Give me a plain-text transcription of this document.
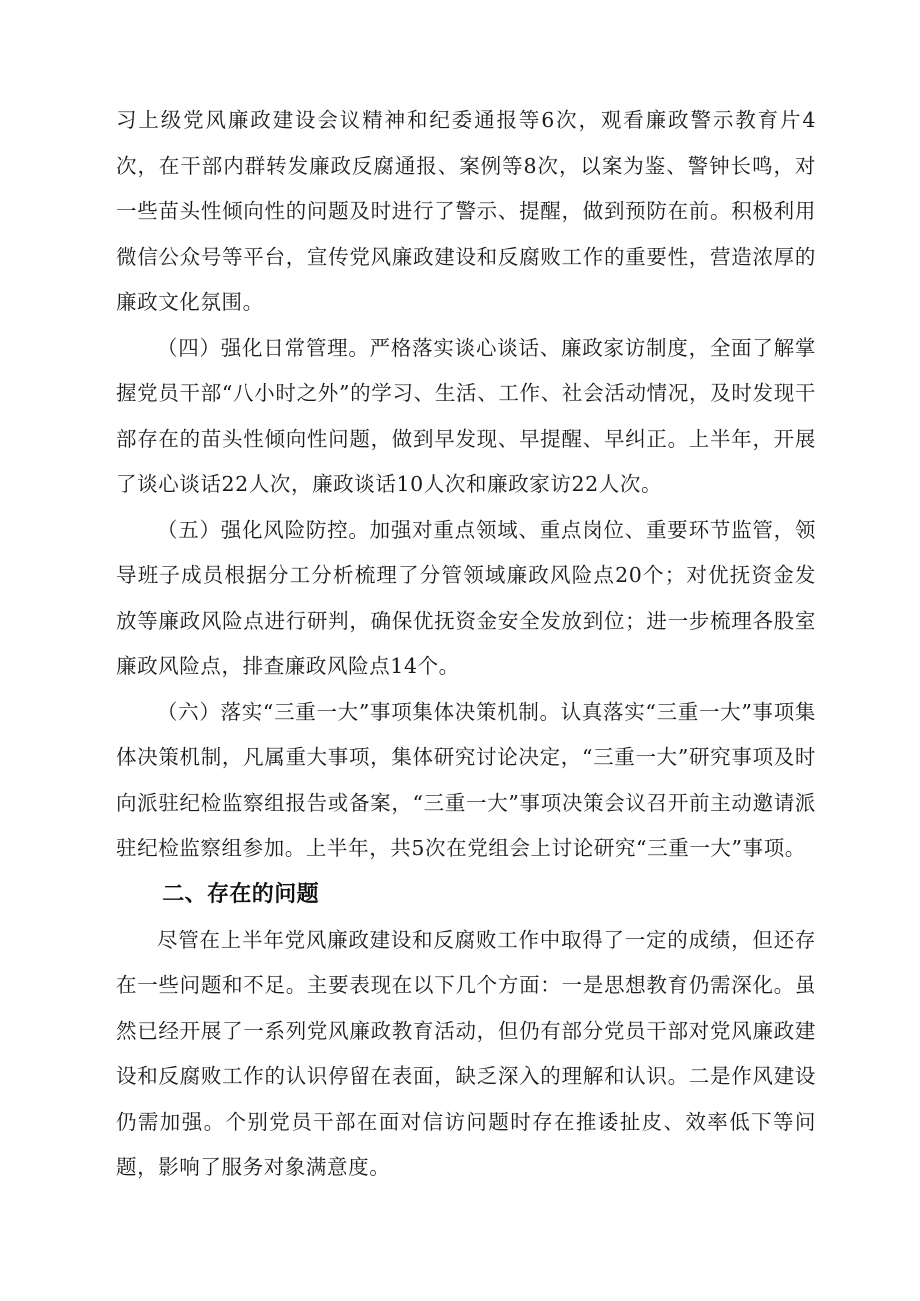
习上级党风廉政建设会议精神和纪委通报等6次，观看廉政警示教育片4次，在干部内群转发廉政反腐通报、案例等8次，以案为鉴、警钟长鸣，对一些苗头性倾向性的问题及时进行了警示、提醒，做到预防在前。积极利用微信公众号等平台，宣传党风廉政建设和反腐败工作的重要性，营造浓厚的廉政文化氛围。

（四）强化日常管理。严格落实谈心谈话、廉政家访制度，全面了解掌握党员干部“八小时之外”的学习、生活、工作、社会活动情况，及时发现干部存在的苗头性倾向性问题，做到早发现、早提醒、早纠正。上半年，开展了谈心谈话22人次，廉政谈话10人次和廉政家访22人次。

（五）强化风险防控。加强对重点领域、重点岗位、重要环节监管，领导班子成员根据分工分析梳理了分管领域廉政风险点20个；对优抚资金发放等廉政风险点进行研判，确保优抚资金安全发放到位；进一步梳理各股室廉政风险点，排查廉政风险点14个。

（六）落实“三重一大”事项集体决策机制。认真落实“三重一大”事项集体决策机制，凡属重大事项，集体研究讨论决定，“三重一大”研究事项及时向派驻纪检监察组报告或备案，“三重一大”事项决策会议召开前主动邀请派驻纪检监察组参加。上半年，共5次在党组会上讨论研究“三重一大”事项。

二、存在的问题

尽管在上半年党风廉政建设和反腐败工作中取得了一定的成绩，但还存在一些问题和不足。主要表现在以下几个方面：一是思想教育仍需深化。虽然已经开展了一系列党风廉政教育活动，但仍有部分党员干部对党风廉政建设和反腐败工作的认识停留在表面，缺乏深入的理解和认识。二是作风建设仍需加强。个别党员干部在面对信访问题时存在推诿扯皮、效率低下等问题，影响了服务对象满意度。
